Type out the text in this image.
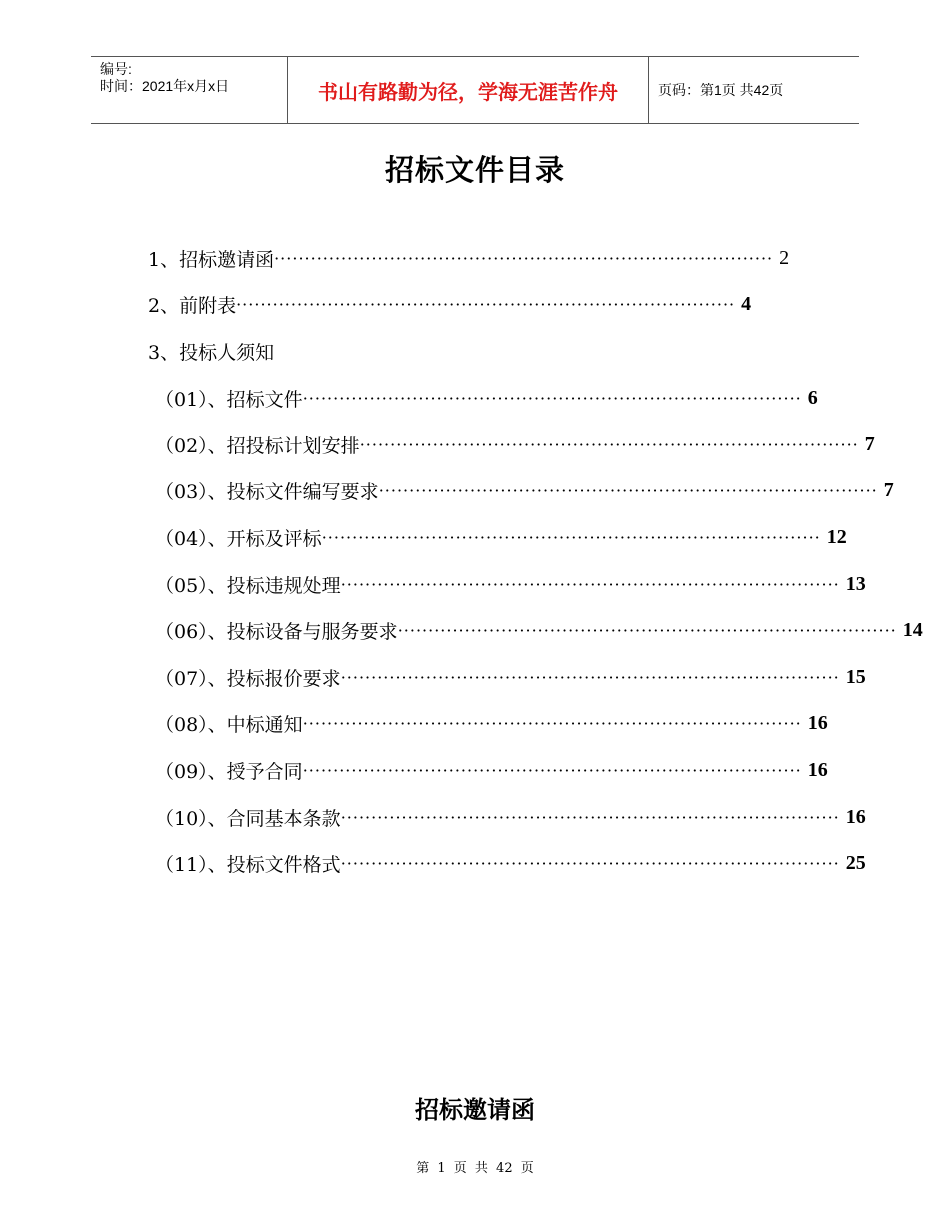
编号:
时间：2021年x月x日	书山有路勤为径，学海无涯苦作舟	页码：第1页 共42页
招标文件目录
1、招标邀请函 ·················································································· 2
2、前附表 ·················································································· 4
3、投标人须知
（01）、招标文件 ·················································································· 6
（02）、招投标计划安排 ·················································································· 7
（03）、投标文件编写要求 ·················································································· 7
（04）、开标及评标 ·················································································· 12
（05）、投标违规处理 ·················································································· 13
（06）、投标设备与服务要求 ·················································································· 14
（07）、投标报价要求 ·················································································· 15
（08）、中标通知 ·················································································· 16
（09）、授予合同 ·················································································· 16
（10）、合同基本条款 ·················································································· 16
（11）、投标文件格式 ·················································································· 25
招标邀请函
第 1 页 共 42 页
